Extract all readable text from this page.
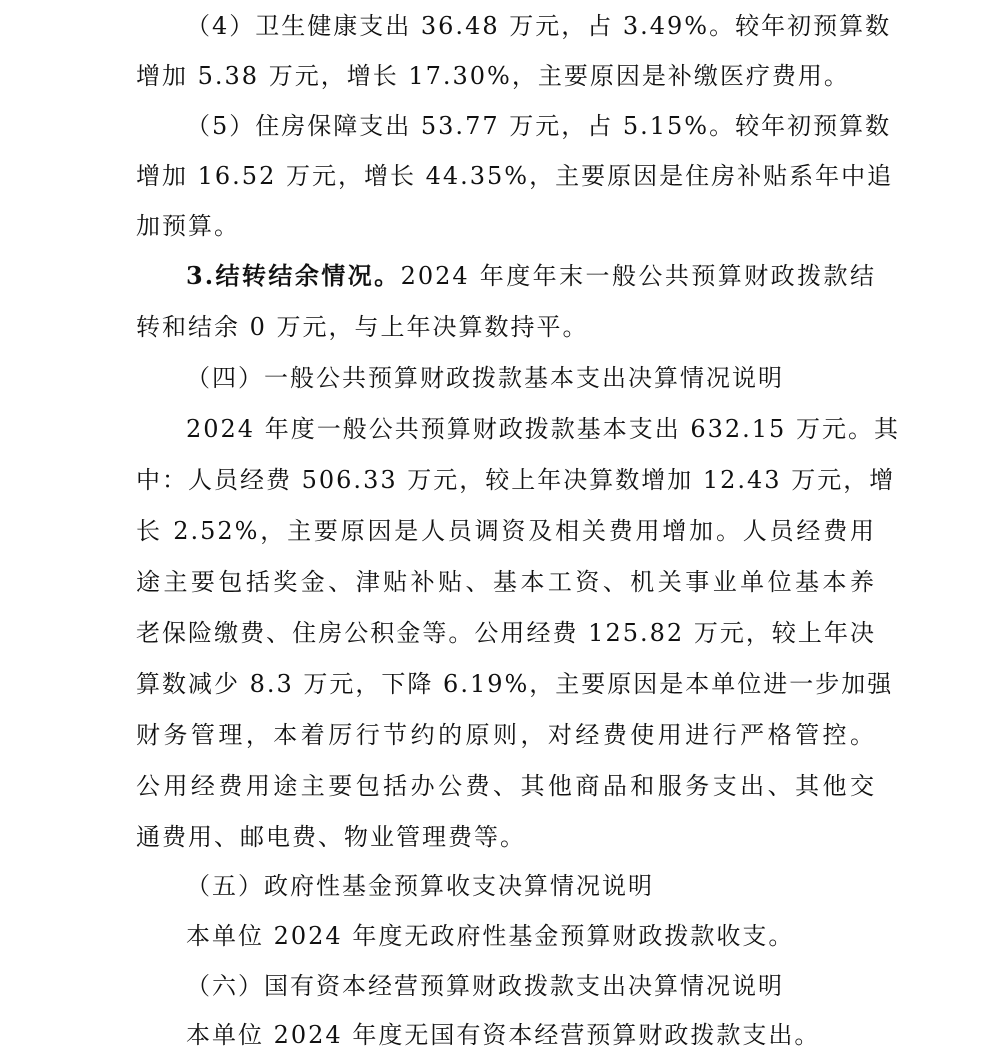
（4）卫生健康支出 36.48 万元，占 3.49%。较年初预算数
增加 5.38 万元，增长 17.30%，主要原因是补缴医疗费用。
（5）住房保障支出 53.77 万元，占 5.15%。较年初预算数
增加 16.52 万元，增长 44.35%，主要原因是住房补贴系年中追
加预算。
3.结转结余情况。2024 年度年末一般公共预算财政拨款结
转和结余 0 万元，与上年决算数持平。
（四）一般公共预算财政拨款基本支出决算情况说明
2024 年度一般公共预算财政拨款基本支出 632.15 万元。其
中：人员经费 506.33 万元，较上年决算数增加 12.43 万元，增
长 2.52%，主要原因是人员调资及相关费用增加。人员经费用
途主要包括奖金、津贴补贴、基本工资、机关事业单位基本养
老保险缴费、住房公积金等。公用经费 125.82 万元，较上年决
算数减少 8.3 万元，下降 6.19%，主要原因是本单位进一步加强
财务管理，本着厉行节约的原则，对经费使用进行严格管控。
公用经费用途主要包括办公费、其他商品和服务支出、其他交
通费用、邮电费、物业管理费等。
（五）政府性基金预算收支决算情况说明
本单位 2024 年度无政府性基金预算财政拨款收支。
（六）国有资本经营预算财政拨款支出决算情况说明
本单位 2024 年度无国有资本经营预算财政拨款支出。
